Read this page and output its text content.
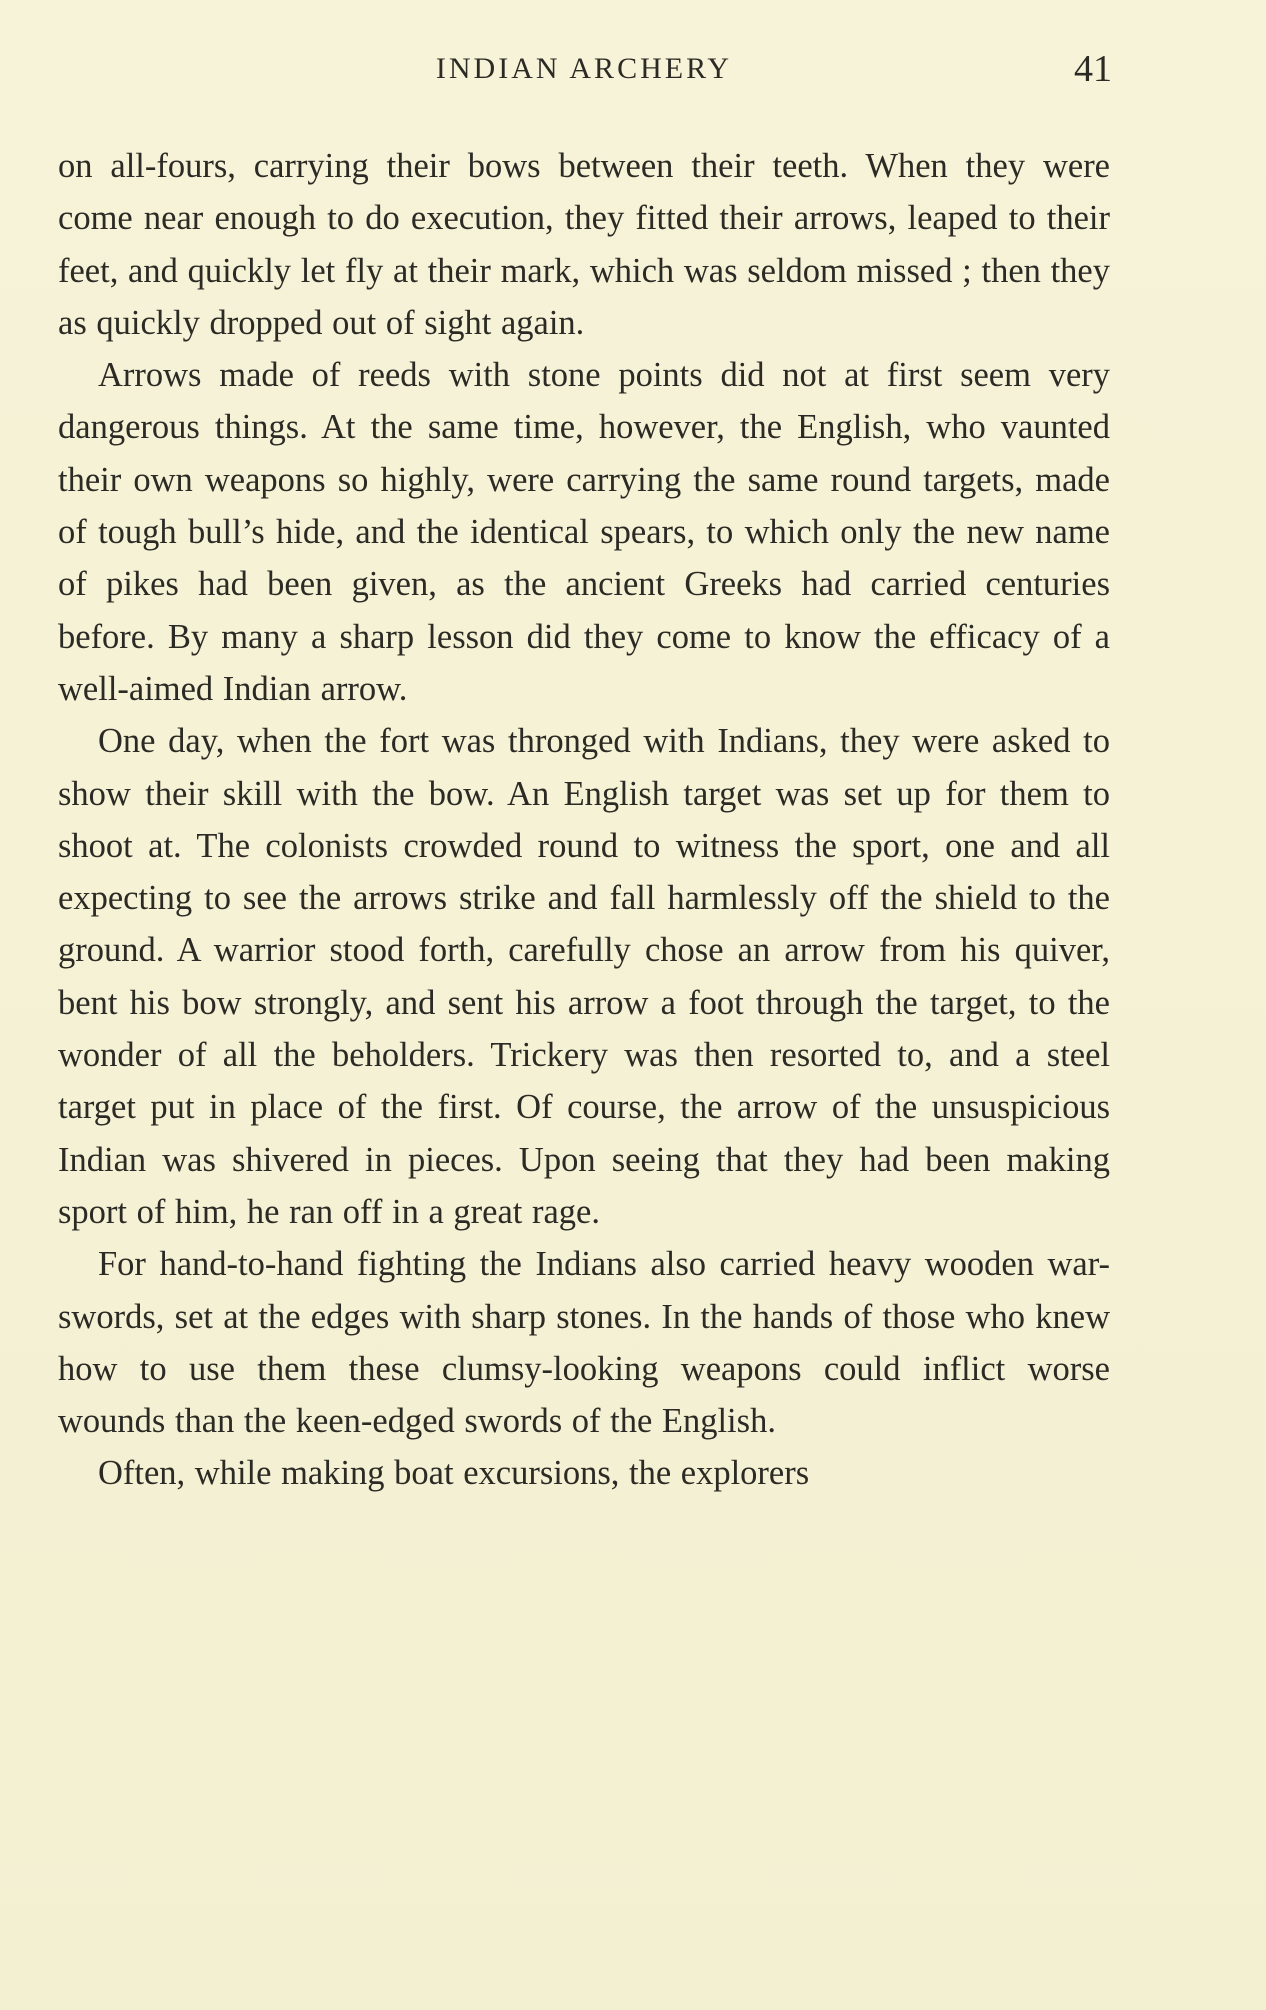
INDIAN ARCHERY	41

on all-fours, carrying their bows between their teeth. When they were come near enough to do execution, they fitted their arrows, leaped to their feet, and quickly let fly at their mark, which was seldom missed ; then they as quickly dropped out of sight again.

Arrows made of reeds with stone points did not at first seem very dangerous things. At the same time, however, the English, who vaunted their own weapons so highly, were carrying the same round targets, made of tough bull’s hide, and the identical spears, to which only the new name of pikes had been given, as the ancient Greeks had carried centuries before. By many a sharp lesson did they come to know the efficacy of a well-aimed Indian arrow.

One day, when the fort was thronged with Indians, they were asked to show their skill with the bow. An English target was set up for them to shoot at. The colonists crowded round to witness the sport, one and all expecting to see the arrows strike and fall harmlessly off the shield to the ground. A warrior stood forth, carefully chose an arrow from his quiver, bent his bow strongly, and sent his arrow a foot through the target, to the wonder of all the beholders. Trickery was then resorted to, and a steel target put in place of the first. Of course, the arrow of the unsuspicious Indian was shivered in pieces. Upon seeing that they had been making sport of him, he ran off in a great rage.

For hand-to-hand fighting the Indians also carried heavy wooden war-swords, set at the edges with sharp stones. In the hands of those who knew how to use them these clumsy-looking weapons could inflict worse wounds than the keen-edged swords of the English.

Often, while making boat excursions, the explorers
